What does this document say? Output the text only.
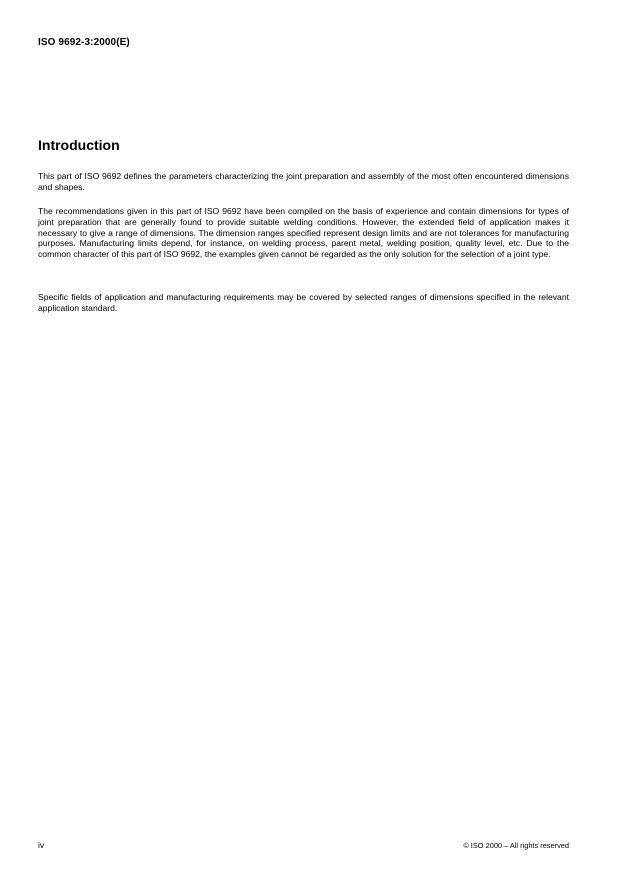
ISO 9692-3:2000(E)
Introduction

This part of ISO 9692 defines the parameters characterizing the joint preparation and assembly of the most often encountered dimensions and shapes.

The recommendations given in this part of ISO 9692 have been compiled on the basis of experience and contain dimensions for types of joint preparation that are generally found to provide suitable welding conditions. However, the extended field of application makes it necessary to give a range of dimensions. The dimension ranges specified represent design limits and are not tolerances for manufacturing purposes. Manufacturing limits depend, for instance, on welding process, parent metal, welding position, quality level, etc. Due to the common character of this part of ISO 9692, the examples given cannot be regarded as the only solution for the selection of a joint type.

Specific fields of application and manufacturing requirements may be covered by selected ranges of dimensions specified in the relevant application standard.

iv	© ISO 2000 – All rights reserved
